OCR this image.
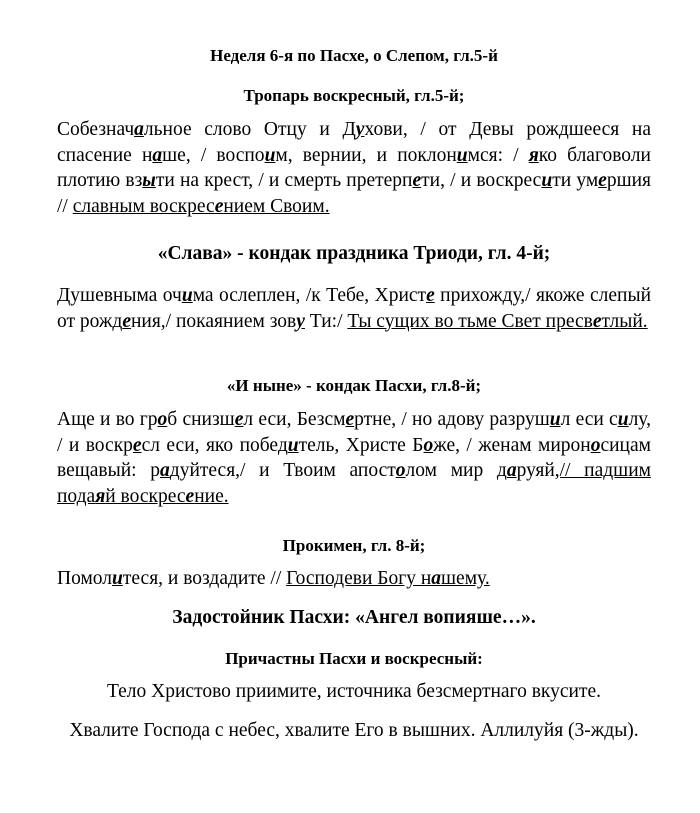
Неделя 6-я по Пасхе, о Слепом, гл.5-й

Тропарь воскресный, гл.5-й;

Собезначальное слово Отцу и Духови, / от Девы рождшееся на спасение наше, / воспоим, вернии, и поклонимся: / яко благоволи плотию взыти на крест, / и смерть претерпети, / и воскресити умершия // славным воскресением Своим.

«Слава» - кондак праздника Триоди, гл. 4-й;

Душевныма очима ослеплен, /к Тебе, Христе прихожду,/ якоже слепый от рождения,/ покаянием зову Ти:/ Ты сущих во тьме Свет пресветлый.

«И ныне» - кондак Пасхи, гл.8-й;

Аще и во гроб снизшел еси, Безсмертне, / но адову разрушил еси силу, / и воскресл еси, яко победитель, Христе Боже, / женам мироносицам вещавый: радуйтеся,/ и Твоим апостолом мир даруяй,// падшим подаяй воскресение.

Прокимен, гл. 8-й;

Помолитеся, и воздадите // Господеви Богу нашему.

Задостойник Пасхи: «Ангел вопияше…».

Причастны Пасхи и воскресный:

Тело Христово приимите, источника безсмертнаго вкусите.

Хвалите Господа с небес, хвалите Его в вышних. Аллилуйя (3-жды).
